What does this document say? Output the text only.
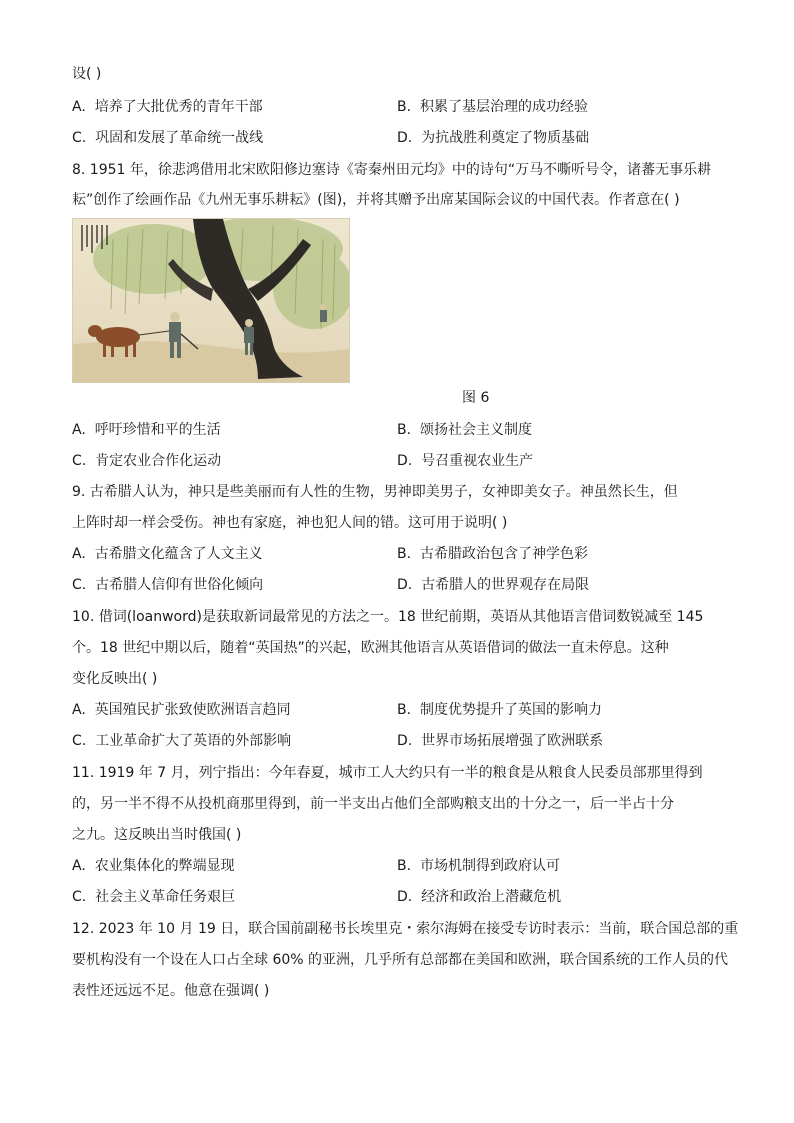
设( )
A. 培养了大批优秀的青年干部	B. 积累了基层治理的成功经验
C. 巩固和发展了革命统一战线	D. 为抗战胜利奠定了物质基础
8. 1951 年，徐悲鸿借用北宋欧阳修边塞诗《寄秦州田元均》中的诗句“万马不嘶听号令，诸蕃无事乐耕
耘”创作了绘画作品《九州无事乐耕耘》(图)，并将其赠予出席某国际会议的中国代表。作者意在( )
图 6
A. 呼吁珍惜和平的生活	B. 颂扬社会主义制度
C. 肯定农业合作化运动	D. 号召重视农业生产
9. 古希腊人认为，神只是些美丽而有人性的生物，男神即美男子，女神即美女子。神虽然长生，但
上阵时却一样会受伤。神也有家庭，神也犯人间的错。这可用于说明( )
A. 古希腊文化蕴含了人文主义	B. 古希腊政治包含了神学色彩
C. 古希腊人信仰有世俗化倾向	D. 古希腊人的世界观存在局限
10. 借词(loanword)是获取新词最常见的方法之一。18 世纪前期，英语从其他语言借词数锐减至 145
个。18 世纪中期以后，随着“英国热”的兴起，欧洲其他语言从英语借词的做法一直未停息。这种
变化反映出( )
A. 英国殖民扩张致使欧洲语言趋同	B. 制度优势提升了英国的影响力
C. 工业革命扩大了英语的外部影响	D. 世界市场拓展增强了欧洲联系
11. 1919 年 7 月，列宁指出：今年春夏，城市工人大约只有一半的粮食是从粮食人民委员部那里得到
的，另一半不得不从投机商那里得到，前一半支出占他们全部购粮支出的十分之一，后一半占十分
之九。这反映出当时俄国( )
A. 农业集体化的弊端显现	B. 市场机制得到政府认可
C. 社会主义革命任务艰巨	D. 经济和政治上潜藏危机
12. 2023 年 10 月 19 日，联合国前副秘书长埃里克・索尔海姆在接受专访时表示：当前，联合国总部的重
要机构没有一个设在人口占全球 60% 的亚洲，几乎所有总部都在美国和欧洲，联合国系统的工作人员的代
表性还远远不足。他意在强调( )
